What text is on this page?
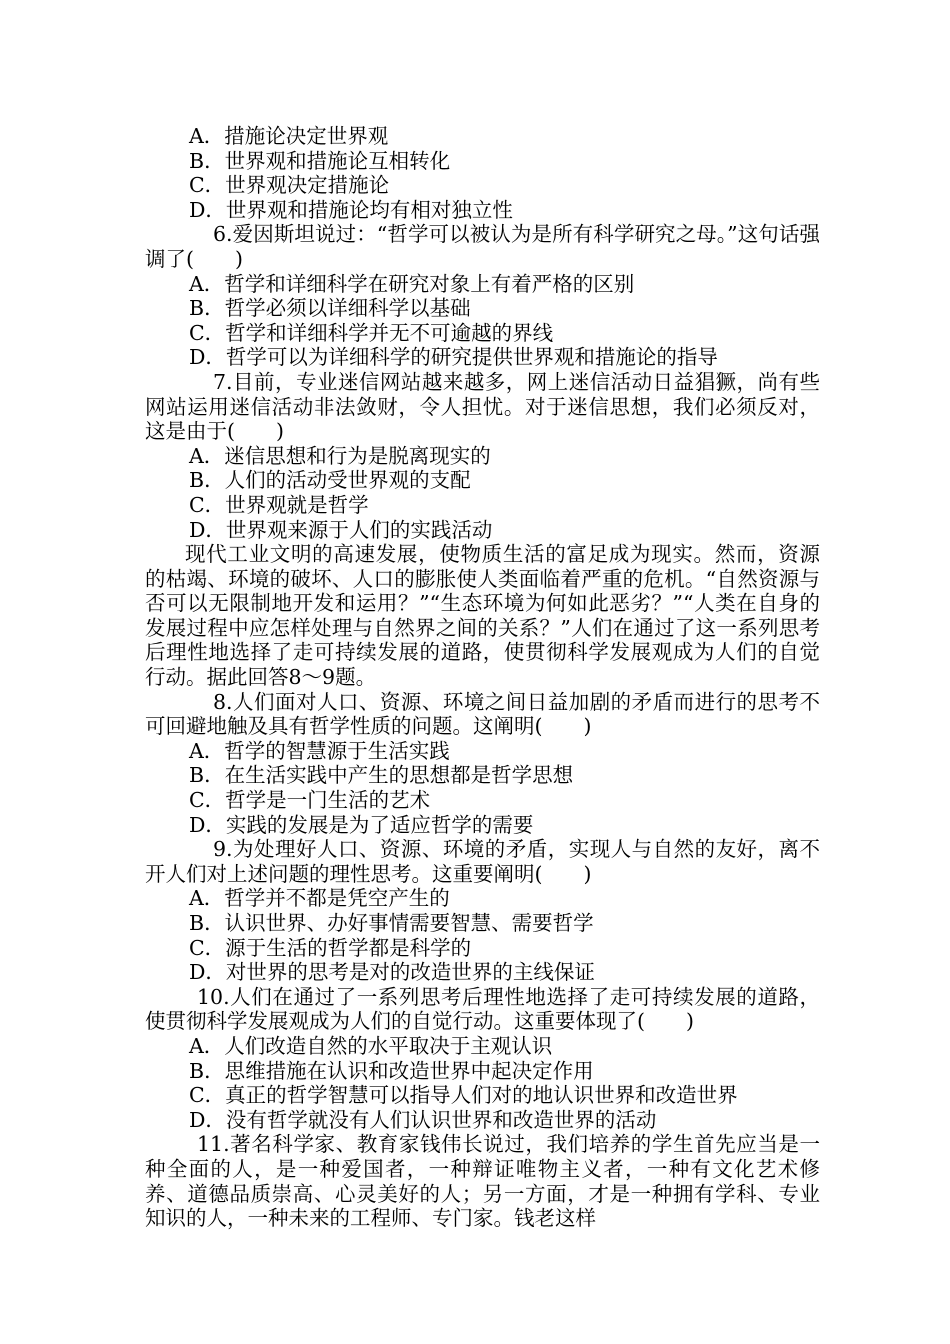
A．措施论决定世界观
B．世界观和措施论互相转化
C．世界观决定措施论
D．世界观和措施论均有相对独立性
6.爱因斯坦说过：“哲学可以被认为是所有科学研究之母。”这句话强调了(　　)
A．哲学和详细科学在研究对象上有着严格的区别
B．哲学必须以详细科学以基础
C．哲学和详细科学并无不可逾越的界线
D．哲学可以为详细科学的研究提供世界观和措施论的指导
7.目前，专业迷信网站越来越多，网上迷信活动日益猖獗，尚有些网站运用迷信活动非法敛财，令人担忧。对于迷信思想，我们必须反对，这是由于(　　)
A．迷信思想和行为是脱离现实的
B．人们的活动受世界观的支配
C．世界观就是哲学
D．世界观来源于人们的实践活动
现代工业文明的高速发展，使物质生活的富足成为现实。然而，资源的枯竭、环境的破坏、人口的膨胀使人类面临着严重的危机。“自然资源与否可以无限制地开发和运用？”“生态环境为何如此恶劣？”“人类在自身的发展过程中应怎样处理与自然界之间的关系？”人们在通过了这一系列思考后理性地选择了走可持续发展的道路，使贯彻科学发展观成为人们的自觉行动。据此回答8～9题。
8.人们面对人口、资源、环境之间日益加剧的矛盾而进行的思考不可回避地触及具有哲学性质的问题。这阐明(　　)
A．哲学的智慧源于生活实践
B．在生活实践中产生的思想都是哲学思想
C．哲学是一门生活的艺术
D．实践的发展是为了适应哲学的需要
9.为处理好人口、资源、环境的矛盾，实现人与自然的友好，离不开人们对上述问题的理性思考。这重要阐明(　　)
A．哲学并不都是凭空产生的
B．认识世界、办好事情需要智慧、需要哲学
C．源于生活的哲学都是科学的
D．对世界的思考是对的改造世界的主线保证
10.人们在通过了一系列思考后理性地选择了走可持续发展的道路，使贯彻科学发展观成为人们的自觉行动。这重要体现了(　　)
A．人们改造自然的水平取决于主观认识
B．思维措施在认识和改造世界中起决定作用
C．真正的哲学智慧可以指导人们对的地认识世界和改造世界
D．没有哲学就没有人们认识世界和改造世界的活动
11.著名科学家、教育家钱伟长说过，我们培养的学生首先应当是一种全面的人，是一种爱国者，一种辩证唯物主义者，一种有文化艺术修养、道德品质崇高、心灵美好的人；另一方面，才是一种拥有学科、专业知识的人，一种未来的工程师、专门家。钱老这样
